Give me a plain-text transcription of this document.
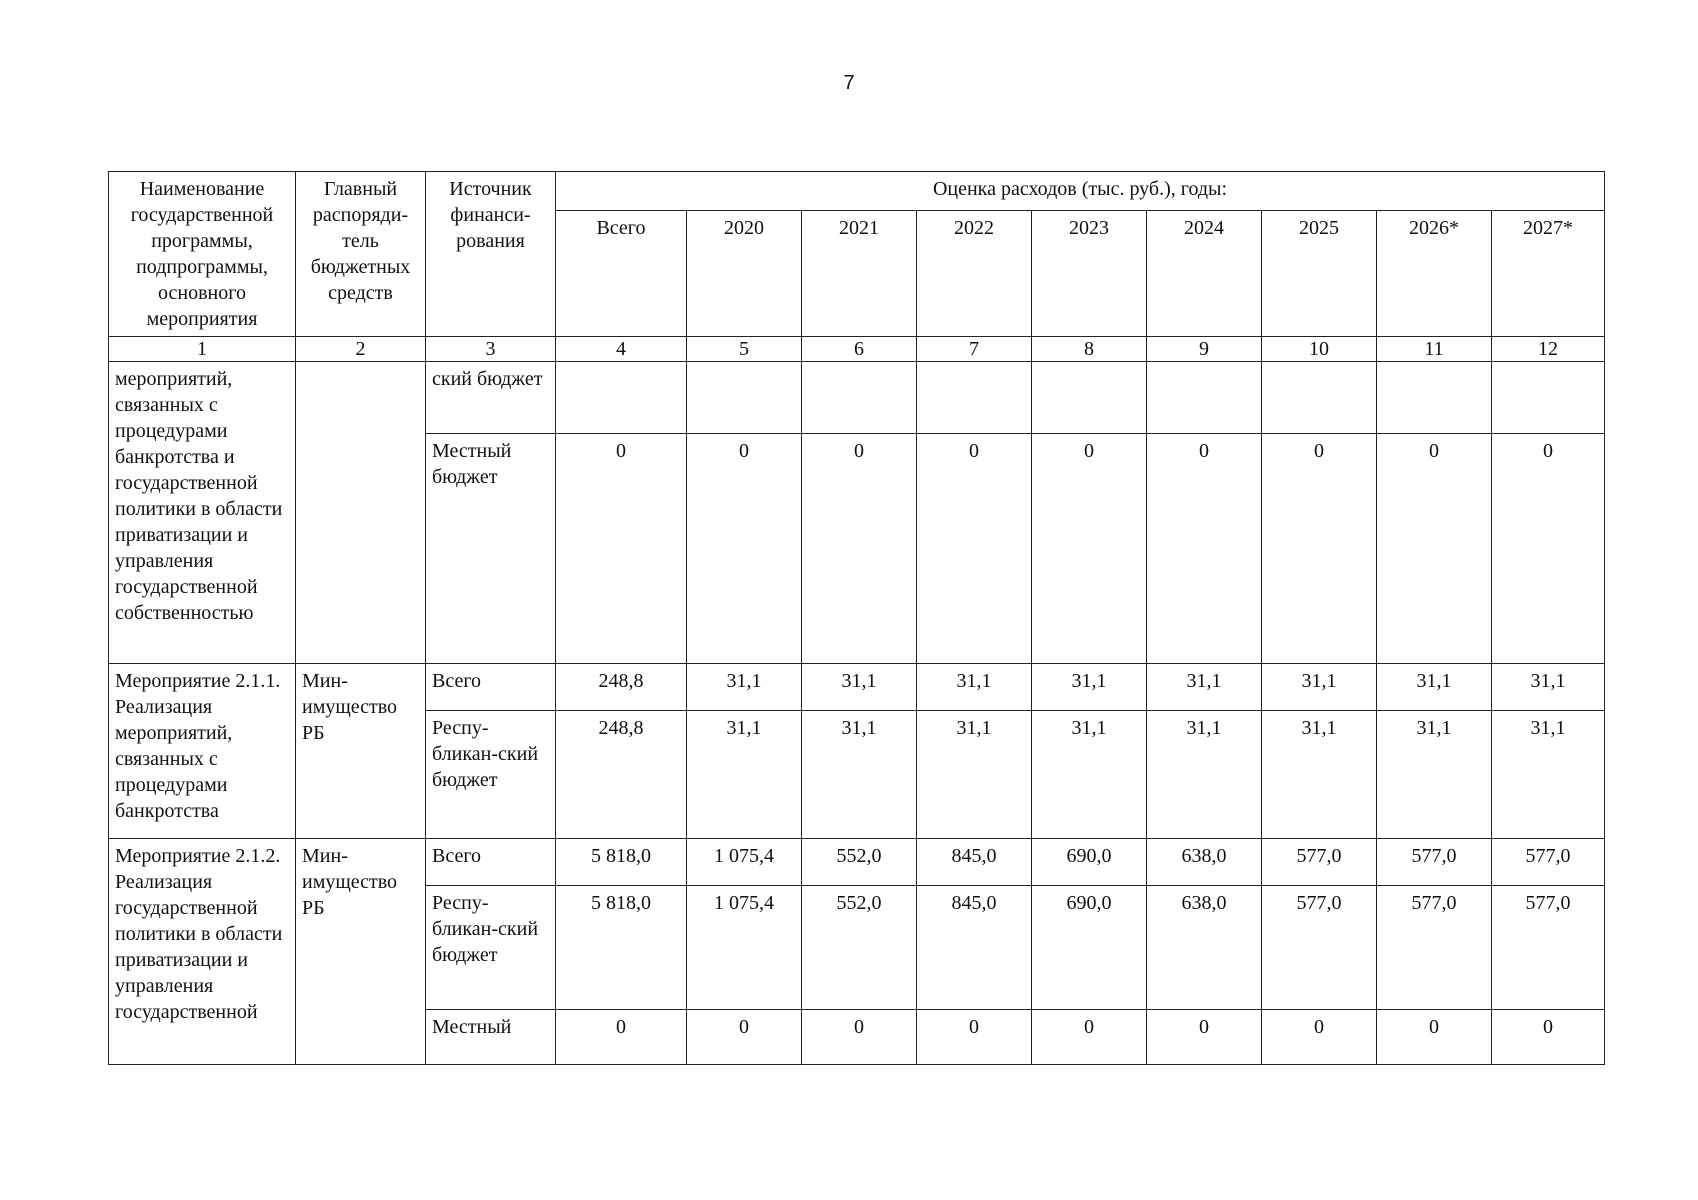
7
Наименование государственной программы, подпрограммы, основного мероприятия	Главный распоряди-тель бюджетных средств	Источник финанси-рования	Оценка расходов (тыс. руб.), годы:								
			Всего	2020	2021	2022	2023	2024	2025	2026*	2027*
1	2	3	4	5	6	7	8	9	10	11	12
мероприятий, связанных с процедурами банкротства и государственной политики в области приватизации и управления государственной собственностью		ский бюджет									
		Местный бюджет	0	0	0	0	0	0	0	0	0
Мероприятие 2.1.1. Реализация мероприятий, связанных с процедурами банкротства	Мин-имущество РБ	Всего	248,8	31,1	31,1	31,1	31,1	31,1	31,1	31,1	31,1
		Респу-бликан-ский бюджет	248,8	31,1	31,1	31,1	31,1	31,1	31,1	31,1	31,1
Мероприятие 2.1.2. Реализация государственной политики в области приватизации и управления государственной	Мин-имущество РБ	Всего	5 818,0	1 075,4	552,0	845,0	690,0	638,0	577,0	577,0	577,0
		Респу-бликан-ский бюджет	5 818,0	1 075,4	552,0	845,0	690,0	638,0	577,0	577,0	577,0
		Местный	0	0	0	0	0	0	0	0	0
